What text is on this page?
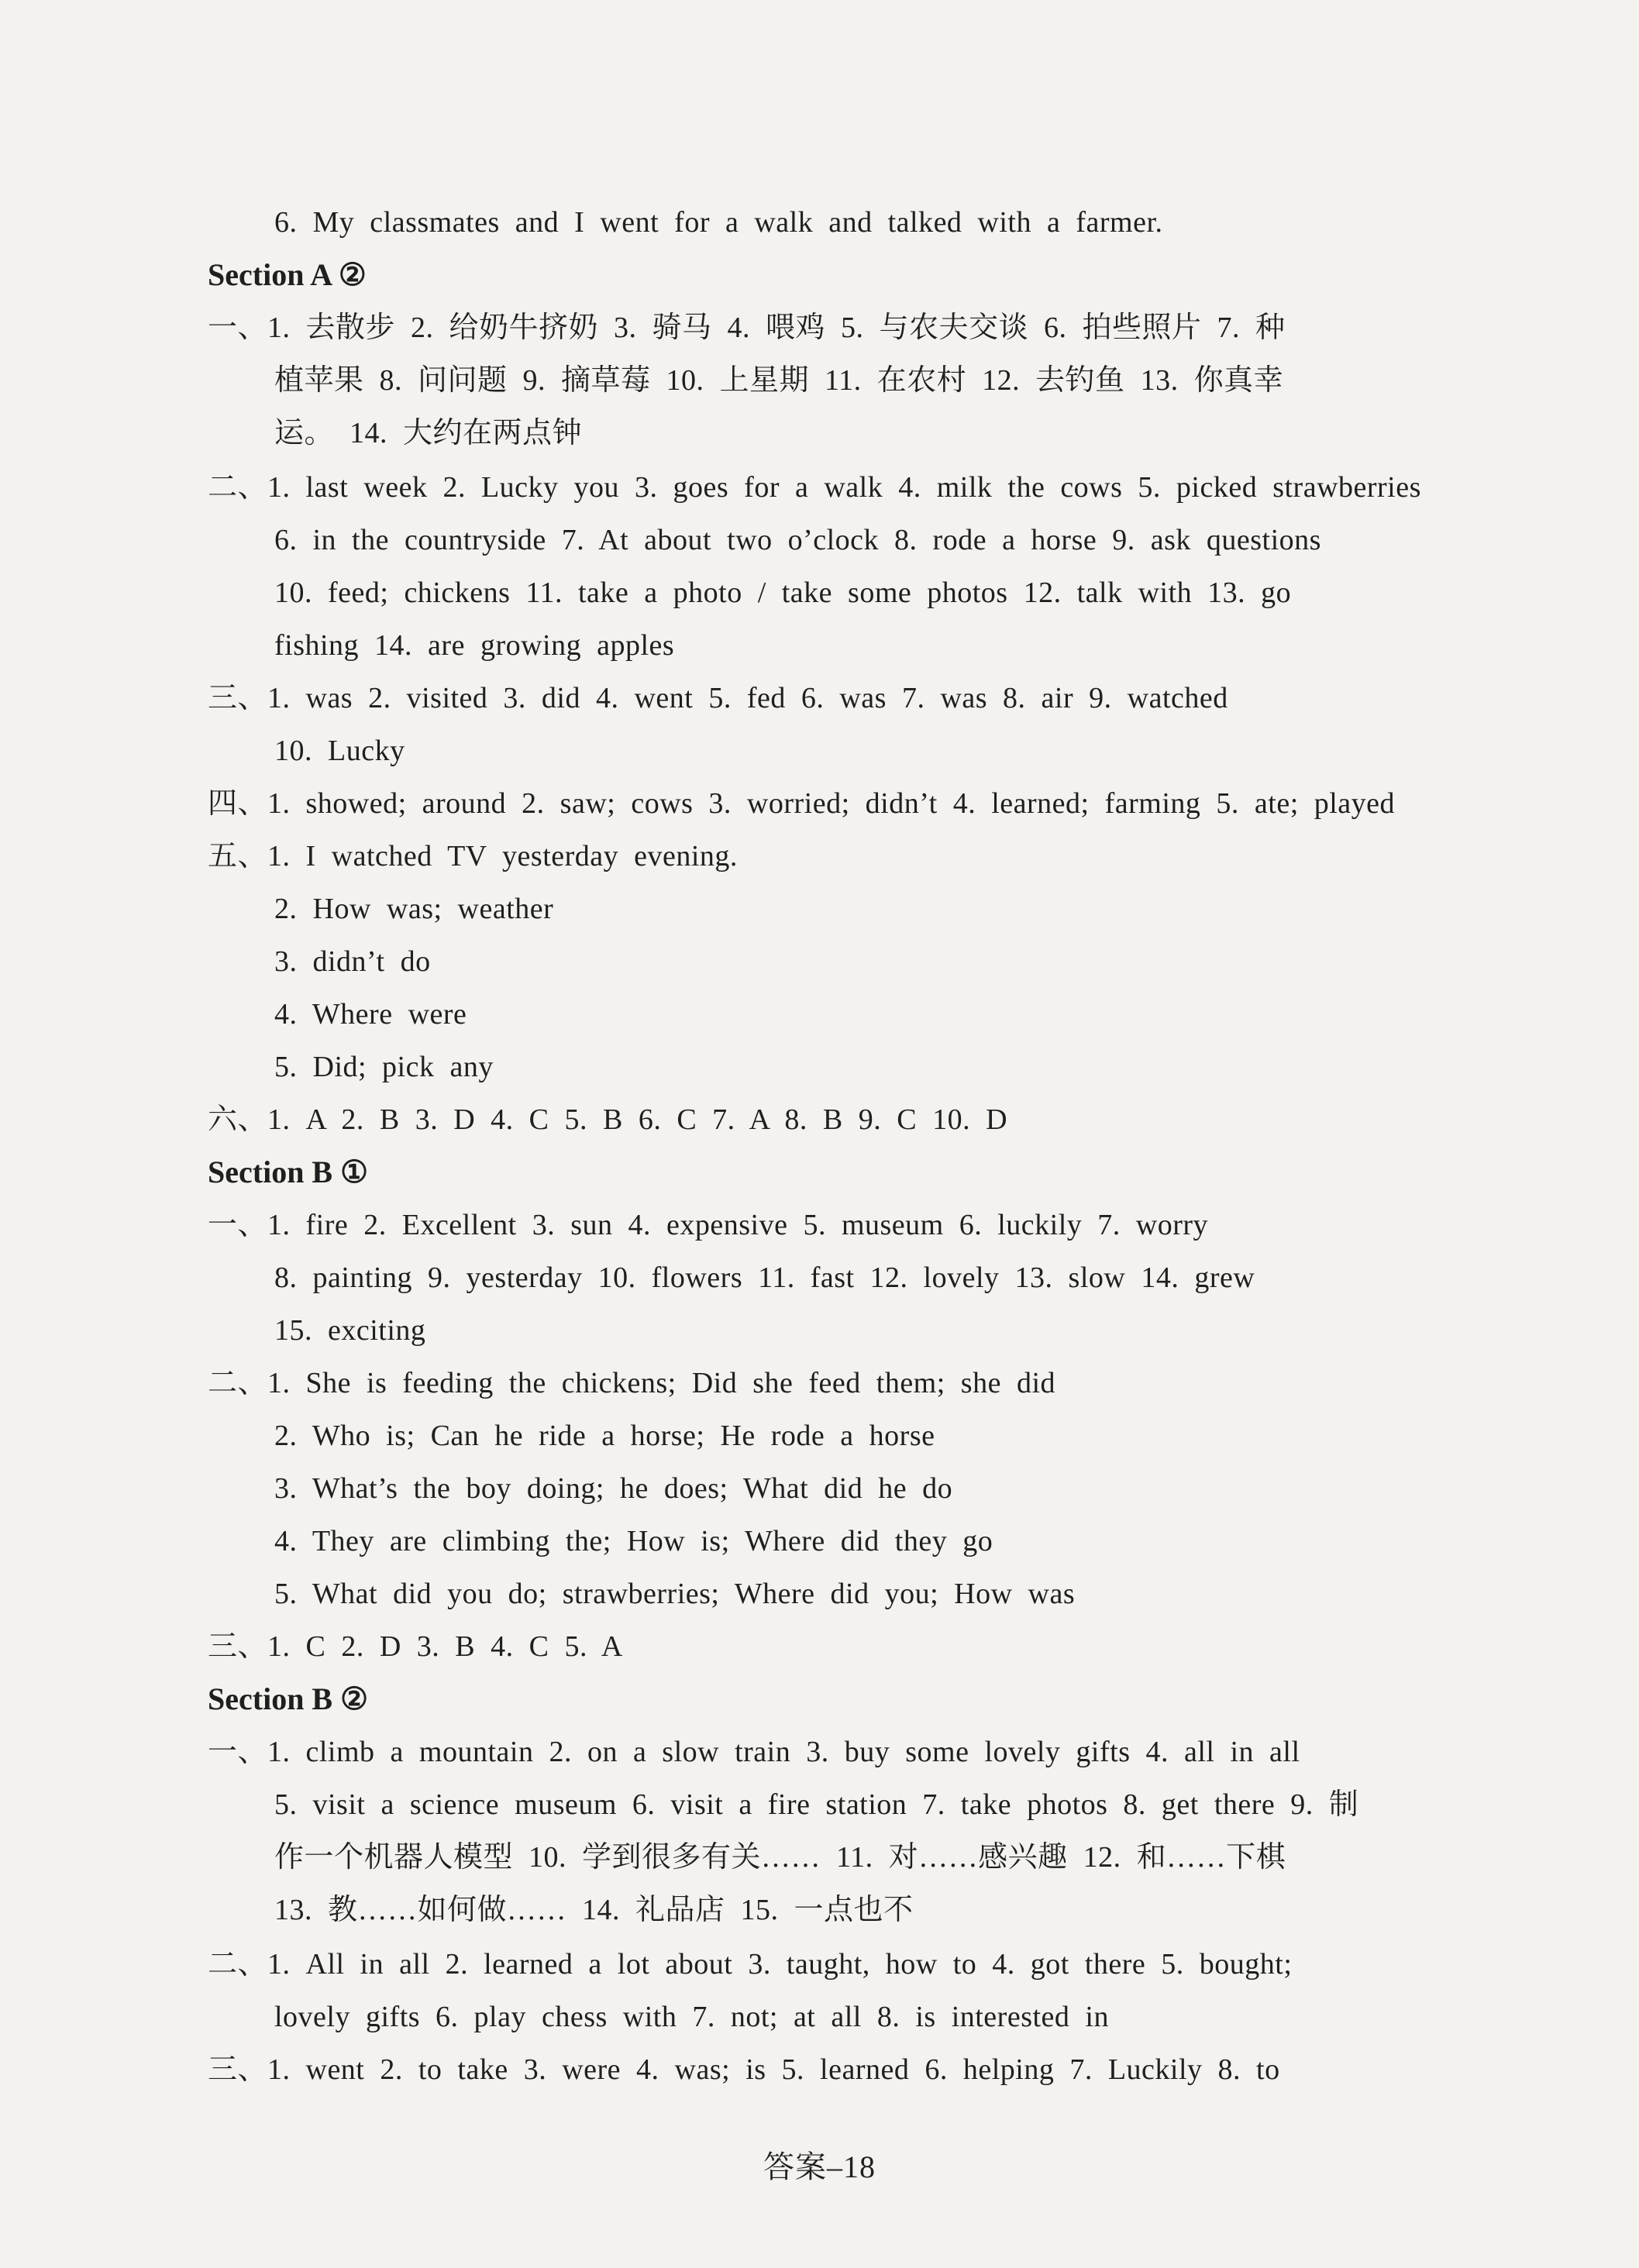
6. My classmates and I went for a walk and talked with a farmer.
Section A ②
一、1. 去散步 2. 给奶牛挤奶 3. 骑马 4. 喂鸡 5. 与农夫交谈 6. 拍些照片 7. 种
植苹果 8. 问问题 9. 摘草莓 10. 上星期 11. 在农村 12. 去钓鱼 13. 你真幸
运。 14. 大约在两点钟
二、1. last week 2. Lucky you 3. goes for a walk 4. milk the cows 5. picked strawberries
6. in the countryside 7. At about two o’clock 8. rode a horse 9. ask questions
10. feed; chickens 11. take a photo / take some photos 12. talk with 13. go
fishing 14. are growing apples
三、1. was 2. visited 3. did 4. went 5. fed 6. was 7. was 8. air 9. watched
10. Lucky
四、1. showed; around 2. saw; cows 3. worried; didn’t 4. learned; farming 5. ate; played
五、1. I watched TV yesterday evening.
2. How was; weather
3. didn’t do
4. Where were
5. Did; pick any
六、1. A 2. B 3. D 4. C 5. B 6. C 7. A 8. B 9. C 10. D
Section B ①
一、1. fire 2. Excellent 3. sun 4. expensive 5. museum 6. luckily 7. worry
8. painting 9. yesterday 10. flowers 11. fast 12. lovely 13. slow 14. grew
15. exciting
二、1. She is feeding the chickens; Did she feed them; she did
2. Who is; Can he ride a horse; He rode a horse
3. What’s the boy doing; he does; What did he do
4. They are climbing the; How is; Where did they go
5. What did you do; strawberries; Where did you; How was
三、1. C 2. D 3. B 4. C 5. A
Section B ②
一、1. climb a mountain 2. on a slow train 3. buy some lovely gifts 4. all in all
5. visit a science museum 6. visit a fire station 7. take photos 8. get there 9. 制
作一个机器人模型 10. 学到很多有关…… 11. 对……感兴趣 12. 和……下棋
13. 教……如何做…… 14. 礼品店 15. 一点也不
二、1. All in all 2. learned a lot about 3. taught, how to 4. got there 5. bought;
lovely gifts 6. play chess with 7. not; at all 8. is interested in
三、1. went 2. to take 3. were 4. was; is 5. learned 6. helping 7. Luckily 8. to
答案–18
